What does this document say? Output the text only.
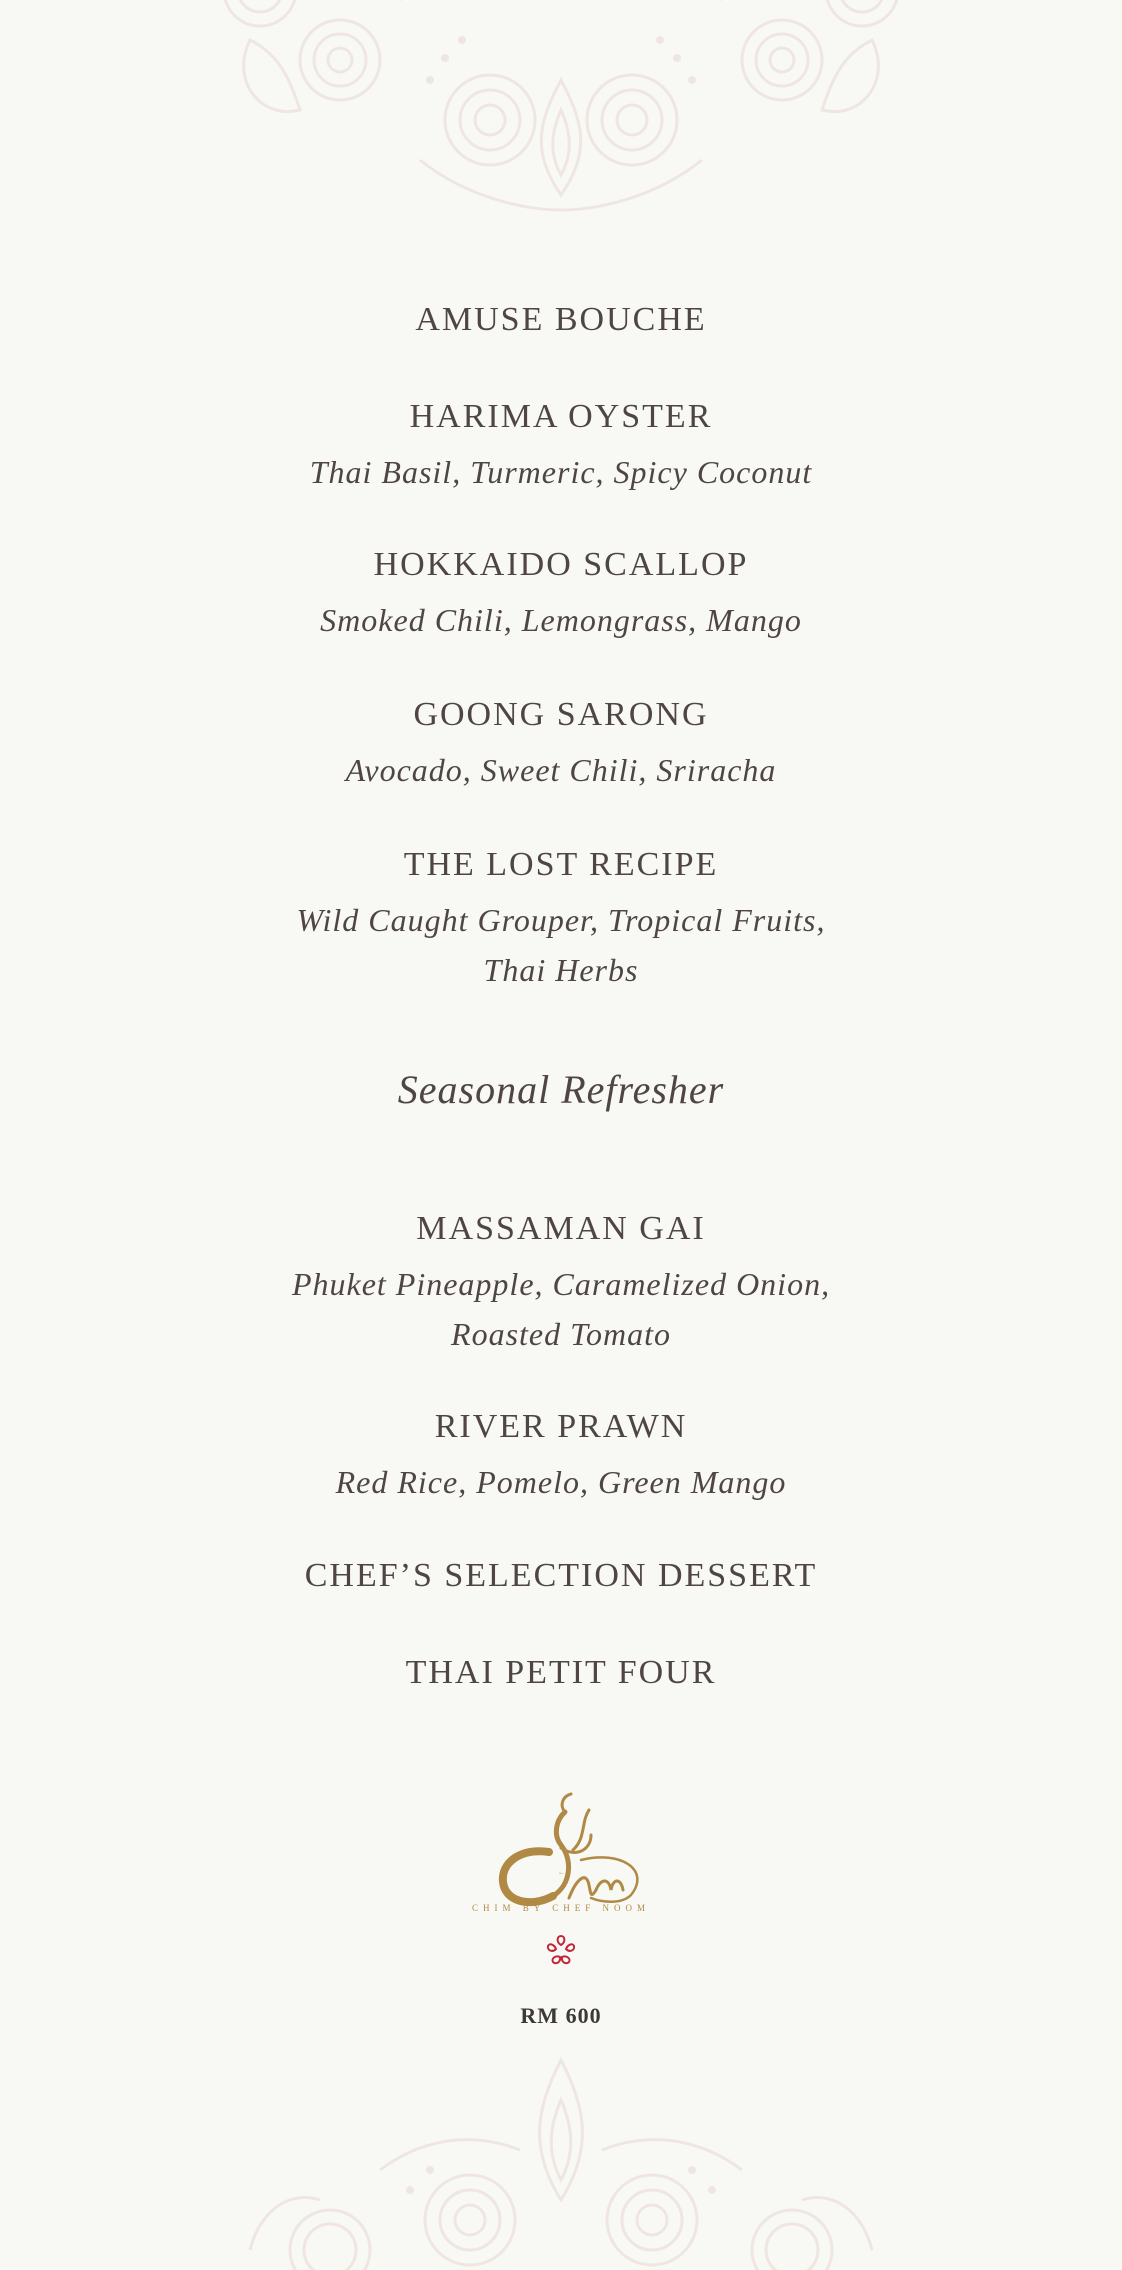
AMUSE BOUCHE
HARIMA OYSTER
Thai Basil, Turmeric, Spicy Coconut
HOKKAIDO SCALLOP
Smoked Chili, Lemongrass, Mango
GOONG SARONG
Avocado, Sweet Chili, Sriracha
THE LOST RECIPE
Wild Caught Grouper, Tropical Fruits,
Thai Herbs
Seasonal Refresher
MASSAMAN GAI
Phuket Pineapple, Caramelized Onion,
Roasted Tomato
RIVER PRAWN
Red Rice, Pomelo, Green Mango
CHEF’S SELECTION DESSERT
THAI PETIT FOUR
Chim
CHIM BY CHEF NOOM
RM 600
